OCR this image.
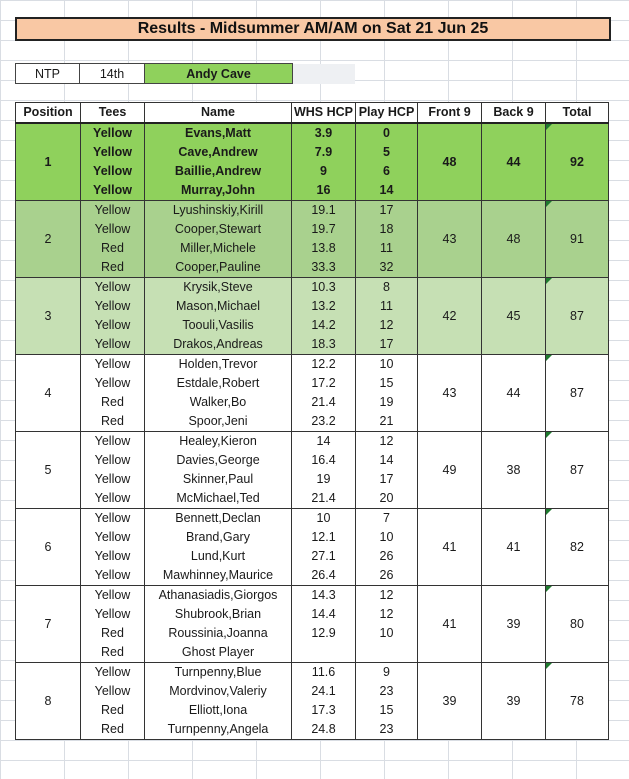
Results - Midsummer AM/AM on Sat 21 Jun 25
NTP	14th	Andy Cave	
Position	Tees	Name	WHS HCP	Play HCP	Front 9	Back 9	Total
1	Yellow	Evans,Matt	3.9	0	48	44	92
	Yellow	Cave,Andrew	7.9	5			
	Yellow	Baillie,Andrew	9	6			
	Yellow	Murray,John	16	14			
2	Yellow	Lyushinskiy,Kirill	19.1	17	43	48	91
	Yellow	Cooper,Stewart	19.7	18			
	Red	Miller,Michele	13.8	11			
	Red	Cooper,Pauline	33.3	32			
3	Yellow	Krysik,Steve	10.3	8	42	45	87
	Yellow	Mason,Michael	13.2	11			
	Yellow	Toouli,Vasilis	14.2	12			
	Yellow	Drakos,Andreas	18.3	17			
4	Yellow	Holden,Trevor	12.2	10	43	44	87
	Yellow	Estdale,Robert	17.2	15			
	Red	Walker,Bo	21.4	19			
	Red	Spoor,Jeni	23.2	21			
5	Yellow	Healey,Kieron	14	12	49	38	87
	Yellow	Davies,George	16.4	14			
	Yellow	Skinner,Paul	19	17			
	Yellow	McMichael,Ted	21.4	20			
6	Yellow	Bennett,Declan	10	7	41	41	82
	Yellow	Brand,Gary	12.1	10			
	Yellow	Lund,Kurt	27.1	26			
	Yellow	Mawhinney,Maurice	26.4	26			
7	Yellow	Athanasiadis,Giorgos	14.3	12	41	39	80
	Yellow	Shubrook,Brian	14.4	12			
	Red	Roussinia,Joanna	12.9	10			
	Red	Ghost Player					
8	Yellow	Turnpenny,Blue	11.6	9	39	39	78
	Yellow	Mordvinov,Valeriy	24.1	23			
	Red	Elliott,Iona	17.3	15			
	Red	Turnpenny,Angela	24.8	23			
